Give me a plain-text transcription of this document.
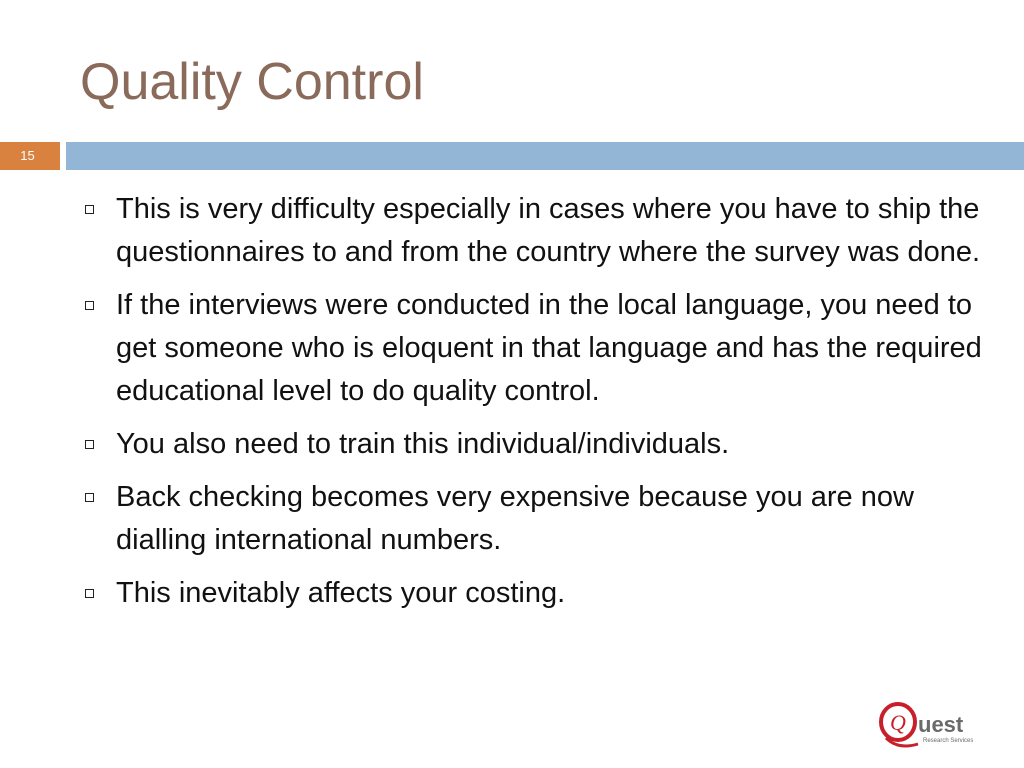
Quality Control
15
This is very difficulty especially in cases where you have to ship the questionnaires to and from the country where the survey was done.
If the interviews were conducted in the local language, you need to get someone who is eloquent in that language and has the required educational level to do quality control.
You also need to train this individual/individuals.
Back checking becomes very expensive because you are now dialling international numbers.
This inevitably affects your costing.
Q uest
Research Services
